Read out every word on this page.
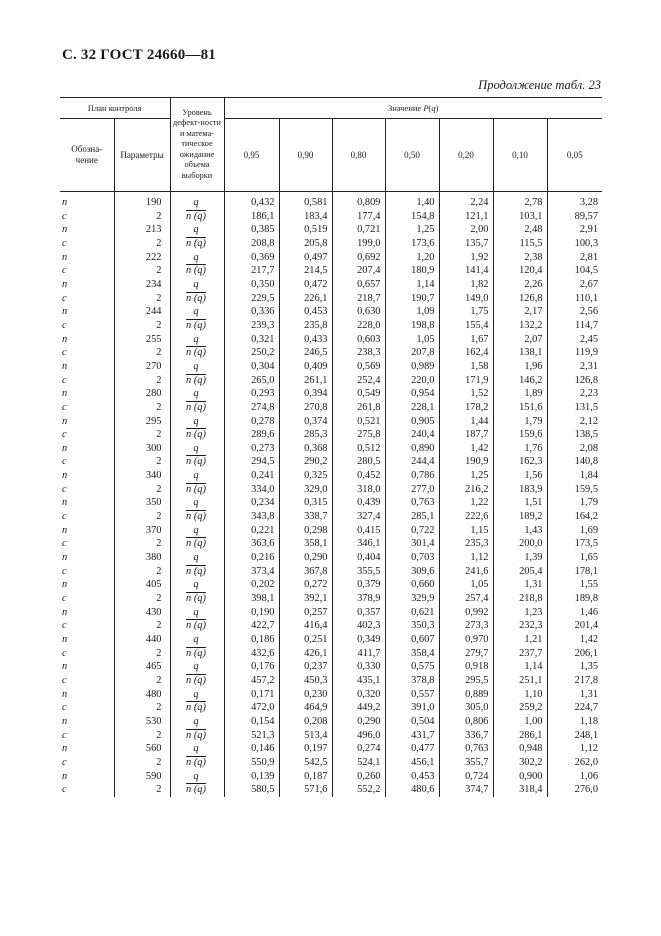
С. 32 ГОСТ 24660—81
Продолжение табл. 23
План контроля		Уровень дефект-ности и матема-тическое ожидание объема выборки	Значение P(q)						
Обозна-чение	Параметры		0,95	0,90	0,80	0,50	0,20	0,10	0,05
n	190	q	0,432	0,581	0,809	1,40	2,24	2,78	3,28
c	2	n (q)	186,1	183,4	177,4	154,8	121,1	103,1	89,57
n	213	q	0,385	0,519	0,721	1,25	2,00	2,48	2,91
c	2	n (q)	208,8	205,8	199,0	173,6	135,7	115,5	100,3
n	222	q	0,369	0,497	0,692	1,20	1,92	2,38	2,81
c	2	n (q)	217,7	214,5	207,4	180,9	141,4	120,4	104,5
n	234	q	0,350	0,472	0,657	1,14	1,82	2,26	2,67
c	2	n (q)	229,5	226,1	218,7	190,7	149,0	126,8	110,1
n	244	q	0,336	0,453	0,630	1,09	1,75	2,17	2,56
c	2	n (q)	239,3	235,8	228,0	198,8	155,4	132,2	114,7
n	255	q	0,321	0,433	0,603	1,05	1,67	2,07	2,45
c	2	n (q)	250,2	246,5	238,3	207,8	162,4	138,1	119,9
n	270	q	0,304	0,409	0,569	0,989	1,58	1,96	2,31
c	2	n (q)	265,0	261,1	252,4	220,0	171,9	146,2	126,8
n	280	q	0,293	0,394	0,549	0,954	1,52	1,89	2,23
c	2	n (q)	274,8	270,8	261,8	228,1	178,2	151,6	131,5
n	295	q	0,278	0,374	0,521	0,905	1,44	1,79	2,12
c	2	n (q)	289,6	285,3	275,8	240,4	187,7	159,6	138,5
n	300	q	0,273	0,368	0,512	0,890	1,42	1,76	2,08
c	2	n (q)	294,5	290,2	280,5	244,4	190,9	162,3	140,8
n	340	q	0,241	0,325	0,452	0,786	1,25	1,56	1,84
c	2	n (q)	334,0	329,0	318,0	277,0	216,2	183,9	159,5
n	350	q	0,234	0,315	0,439	0,763	1,22	1,51	1,79
c	2	n (q)	343,8	338,7	327,4	285,1	222,6	189,2	164,2
n	370	q	0,221	0,298	0,415	0,722	1,15	1,43	1,69
c	2	n (q)	363,6	358,1	346,1	301,4	235,3	200,0	173,5
n	380	q	0,216	0,290	0,404	0,703	1,12	1,39	1,65
c	2	n (q)	373,4	367,8	355,5	309,6	241,6	205,4	178,1
n	405	q	0,202	0,272	0,379	0,660	1,05	1,31	1,55
c	2	n (q)	398,1	392,1	378,9	329,9	257,4	218,8	189,8
n	430	q	0,190	0,257	0,357	0,621	0,992	1,23	1,46
c	2	n (q)	422,7	416,4	402,3	350,3	273,3	232,3	201,4
n	440	q	0,186	0,251	0,349	0,607	0,970	1,21	1,42
c	2	n (q)	432,6	426,1	411,7	358,4	279,7	237,7	206,1
n	465	q	0,176	0,237	0,330	0,575	0,918	1,14	1,35
c	2	n (q)	457,2	450,3	435,1	378,8	295,5	251,1	217,8
n	480	q	0,171	0,230	0,320	0,557	0,889	1,10	1,31
c	2	n (q)	472,0	464,9	449,2	391,0	305,0	259,2	224,7
n	530	q	0,154	0,208	0,290	0,504	0,806	1,00	1,18
c	2	n (q)	521,3	513,4	496,0	431,7	336,7	286,1	248,1
n	560	q	0,146	0,197	0,274	0,477	0,763	0,948	1,12
c	2	n (q)	550,9	542,5	524,1	456,1	355,7	302,2	262,0
n	590	q	0,139	0,187	0,260	0,453	0,724	0,900	1,06
c	2	n (q)	580,5	571,6	552,2	480,6	374,7	318,4	276,0
